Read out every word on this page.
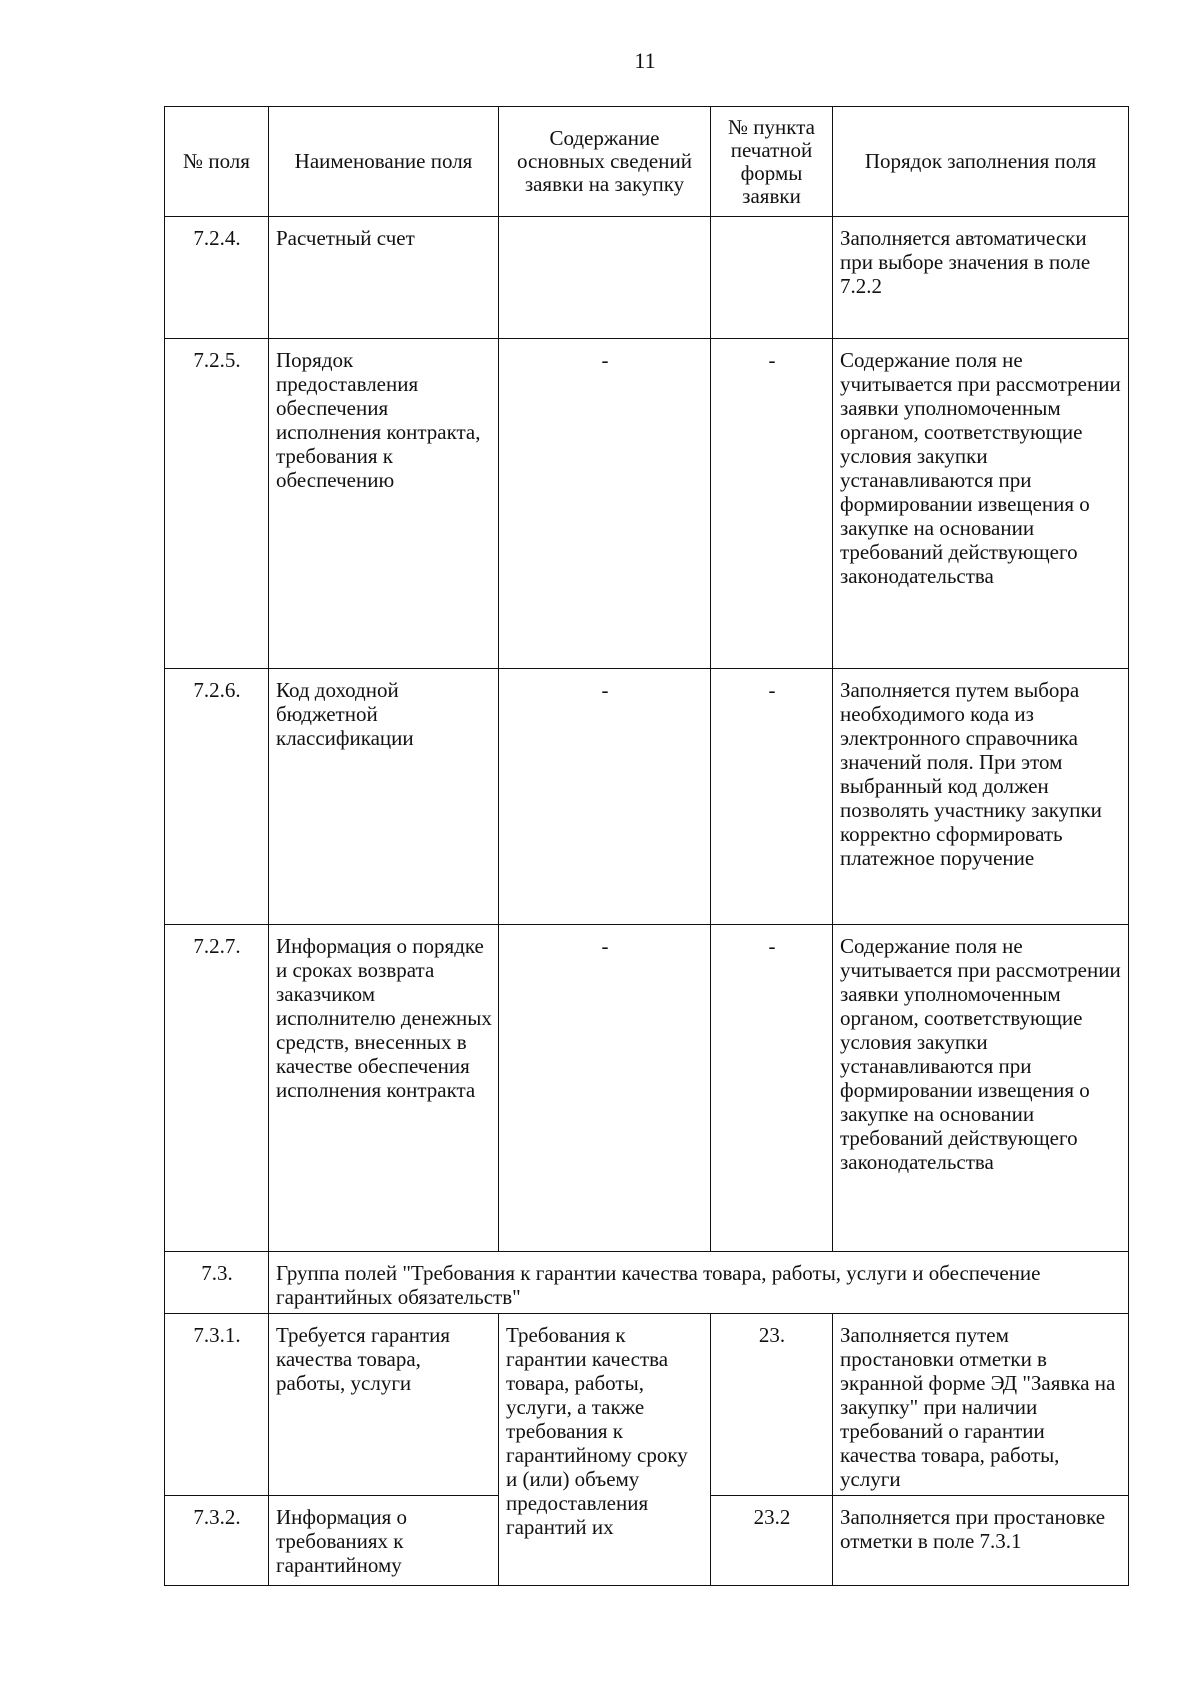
11
№ поля	Наименование поля	Содержание основных сведений заявки на закупку	№ пункта печатной формы заявки	Порядок заполнения поля
7.2.4.	Расчетный счет			Заполняется автоматически при выборе значения в поле 7.2.2
7.2.5.	Порядок предоставления обеспечения исполнения контракта, требования к обеспечению	-	-	Содержание поля не учитывается при рассмотрении заявки уполномоченным органом, соответствующие условия закупки устанавливаются при формировании извещения о закупке на основании требований действующего законодательства
7.2.6.	Код доходной бюджетной классификации	-	-	Заполняется путем выбора необходимого кода из электронного справочника значений поля. При этом выбранный код должен позволять участнику закупки корректно сформировать платежное поручение
7.2.7.	Информация о порядке и сроках возврата заказчиком исполнителю денежных средств, внесенных в качестве обеспечения исполнения контракта	-	-	Содержание поля не учитывается при рассмотрении заявки уполномоченным органом, соответствующие условия закупки устанавливаются при формировании извещения о закупке на основании требований действующего законодательства
7.3.	Группа полей "Требования к гарантии качества товара, работы, услуги и обеспечение гарантийных обязательств"			
7.3.1.	Требуется гарантия качества товара, работы, услуги	Требования к гарантии качества товара, работы, услуги, а также требования к гарантийному сроку и (или) объему предоставления гарантий их	23.	Заполняется путем простановки отметки в экранной форме ЭД "Заявка на закупку" при наличии требований о гарантии качества товара, работы, услуги
7.3.2.	Информация о требованиях к гарантийному		23.2	Заполняется при простановке отметки в поле 7.3.1
